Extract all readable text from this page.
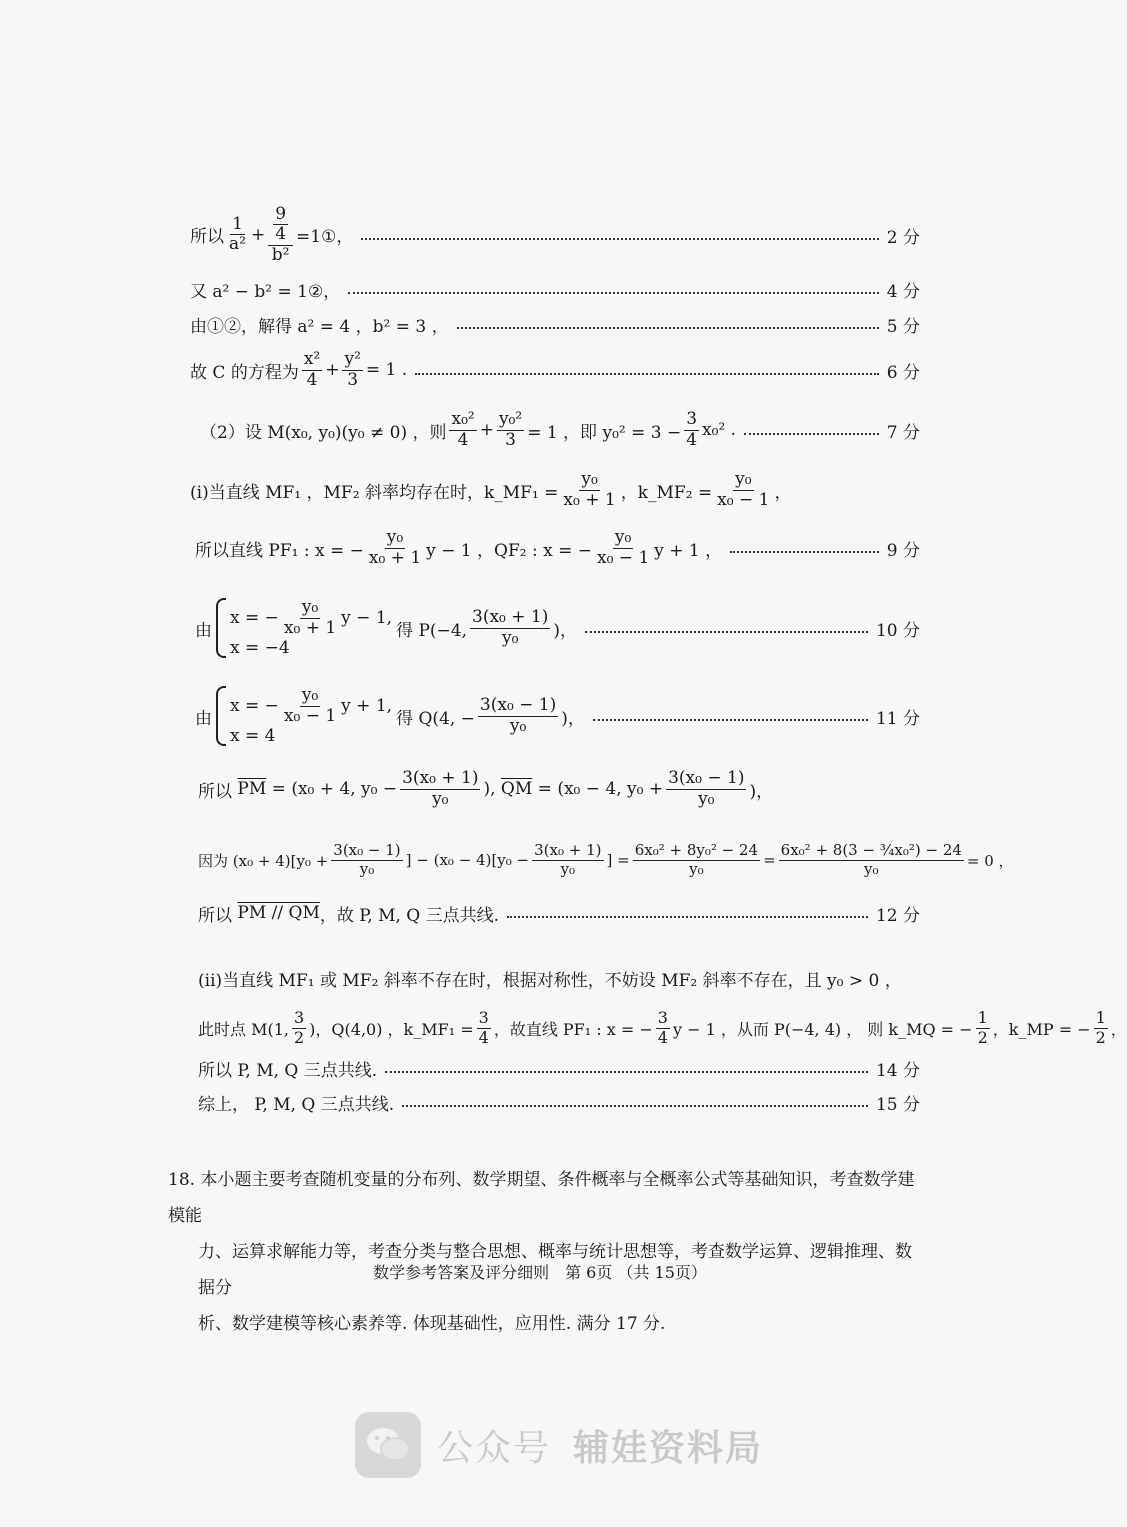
所以 $\frac{1}{\text{a²}} + \frac{\frac{9}{4}}{\text{b²}}$ =1①，	2 分
又 a² − b² = 1②，	4 分
由①②，解得 a² = 4 ，b² = 3 ，	5 分
故 C 的方程为 $\frac{\text{x²}}{4} + \frac{\text{y²}}{3} = 1$ .	6 分
（2）设 M(x₀, y₀)(y₀ ≠ 0) ，则 $\frac{\text{x₀²}}{4} + \frac{\text{y₀²}}{3} = 1$ ，即 $y_0^2 = 3 - \frac{3}{4} x_0^2$ .	7 分
(i)当直线 MF₁ ，MF₂ 斜率均存在时，k_MF₁ = $\frac{\text{y₀}}{\text{x₀ + 1}}$ ，k_MF₂ = $\frac{\text{y₀}}{\text{x₀ − 1}}$ ，
所以直线 PF₁ : x = − $\frac{\text{y₀}}{\text{x₀ + 1}}$ y − 1 ，QF₂ : x = − $\frac{\text{y₀}}{\text{x₀ − 1}}$ y + 1 ，	9 分
由
x = − $\frac{\text{y₀}}{\text{x₀ + 1}}$ y − 1,
x = −4
得 P(−4, $\frac{\text{3(x₀ + 1)}}{\text{y₀}}$ )，	10 分
由
x = − $\frac{\text{y₀}}{\text{x₀ − 1}}$ y + 1,
x = 4
得 Q(4, − $\frac{\text{3(x₀ − 1)}}{\text{y₀}}$ )，	11 分
所以
$\overline{PM}$
= (x₀ + 4, $y_0 - \frac{\text{3(x₀ + 1)}}{\text{y₀}}$ ), $\overline{QM}$
= (x₀ − 4, $y_0 + \frac{\text{3(x₀ − 1)}}{\text{y₀}}$ )，
因为 $(x_0 + 4)[y_0 + \frac{\text{3(x₀ − 1)}}{\text{y₀}}$ ] − $(x_0 - 4)[y_0 - \frac{\text{3(x₀ + 1)}}{\text{y₀}}$ ] = $\frac{\text{6x₀² + 8y₀² − 24}}{\text{y₀}} = \frac{\text{6x₀² + 8(3 − ¾x₀²) − 24}}{\text{y₀}} = 0$ ，
所以
PM // QM ，故 P, M, Q 三点共线.	12 分
(ii)当直线 MF₁ 或 MF₂ 斜率不存在时，根据对称性，不妨设 MF₂ 斜率不存在，且 y₀ > 0 ，
此时点 M(1, $\frac{3}{2}$ )，Q(4,0) ，k_MF₁ = $\frac{3}{4}$ ，故直线 PF₁ : x = − $\frac{3}{4}$ y − 1 ，从而 P(−4, 4) ， 则 k_MQ = − $\frac{1}{2}$ ，k_MP = − $\frac{1}{2}$ ，
所以 P, M, Q 三点共线.	14 分
综上， P, M, Q 三点共线.	15 分
18. 本小题主要考查随机变量的分布列、数学期望、条件概率与全概率公式等基础知识，考查数学建模能
力、运算求解能力等，考查分类与整合思想、概率与统计思想等，考查数学运算、逻辑推理、数据分
析、数学建模等核心素养等. 体现基础性，应用性. 满分 17 分.
数学参考答案及评分细则　第 6页 （共 15页）
公众号 辅娃资料局
